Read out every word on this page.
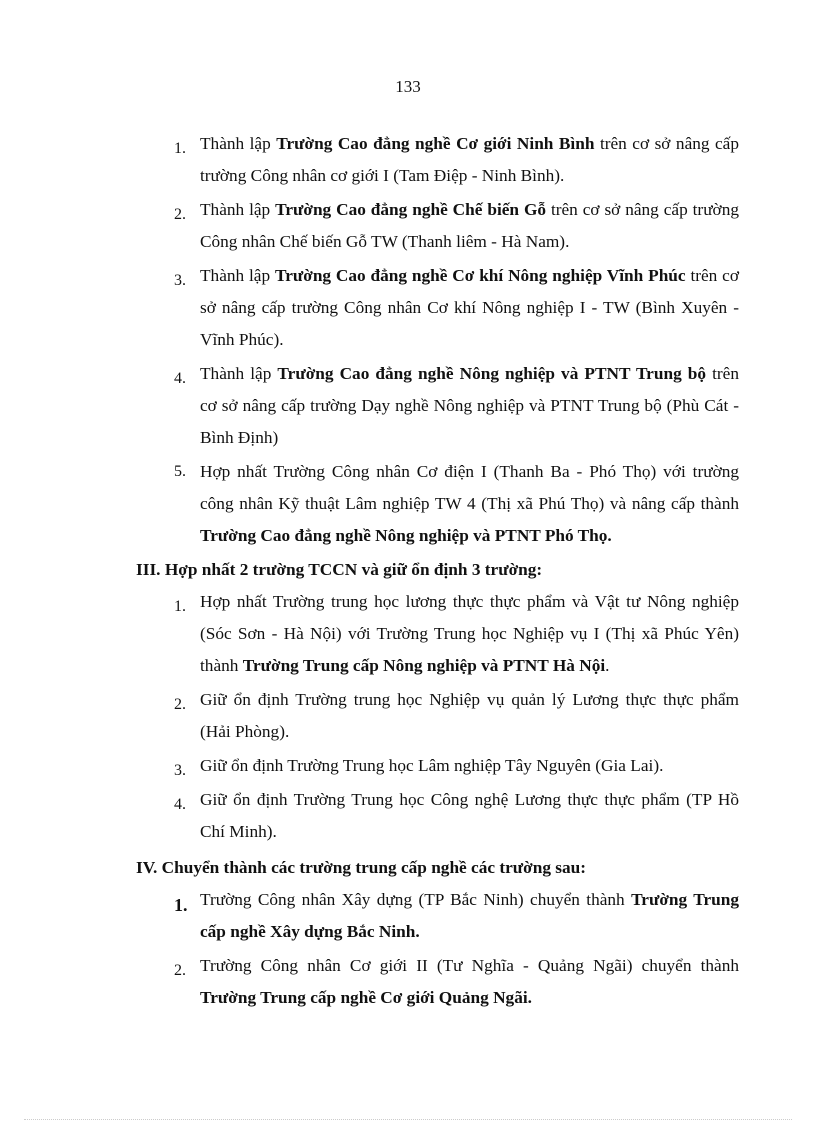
133
1. Thành lập Trường Cao đẳng nghề Cơ giới Ninh Bình trên cơ sở nâng cấp trường Công nhân cơ giới I (Tam Điệp - Ninh Bình).
2. Thành lập Trường Cao đẳng nghề Chế biến Gỗ trên cơ sở nâng cấp trường Công nhân Chế biến Gỗ TW (Thanh liêm - Hà Nam).
3. Thành lập Trường Cao đẳng nghề Cơ khí Nông nghiệp Vĩnh Phúc trên cơ sở nâng cấp trường Công nhân Cơ khí Nông nghiệp I - TW (Bình Xuyên - Vĩnh Phúc).
4. Thành lập Trường Cao đẳng nghề Nông nghiệp và PTNT Trung bộ trên cơ sở nâng cấp trường Dạy nghề Nông nghiệp và PTNT Trung bộ (Phù Cát - Bình Định)
5. Hợp nhất Trường Công nhân Cơ điện I (Thanh Ba - Phó Thọ) với trường công nhân Kỹ thuật Lâm nghiệp TW 4 (Thị xã Phú Thọ) và nâng cấp thành Trường Cao đẳng nghề Nông nghiệp và PTNT Phó Thọ.
III. Hợp nhất 2 trường TCCN và giữ ổn định 3 trường:
1. Hợp nhất Trường trung học lương thực thực phẩm và Vật tư Nông nghiệp (Sóc Sơn - Hà Nội) với Trường Trung học Nghiệp vụ I (Thị xã Phúc Yên) thành Trường Trung cấp Nông nghiệp và PTNT Hà Nội.
2. Giữ ổn định Trường trung học Nghiệp vụ quản lý Lương thực thực phẩm (Hải Phòng).
3. Giữ ổn định Trường Trung học Lâm nghiệp Tây Nguyên (Gia Lai).
4. Giữ ổn định Trường Trung học Công nghệ Lương thực thực phẩm (TP Hồ Chí Minh).
IV. Chuyển thành các trường trung cấp nghề các trường sau:
1. Trường Công nhân Xây dựng (TP Bắc Ninh) chuyển thành Trường Trung cấp nghề Xây dựng Bắc Ninh.
2. Trường Công nhân Cơ giới II (Tư Nghĩa - Quảng Ngãi) chuyển thành Trường Trung cấp nghề Cơ giới Quảng Ngãi.
